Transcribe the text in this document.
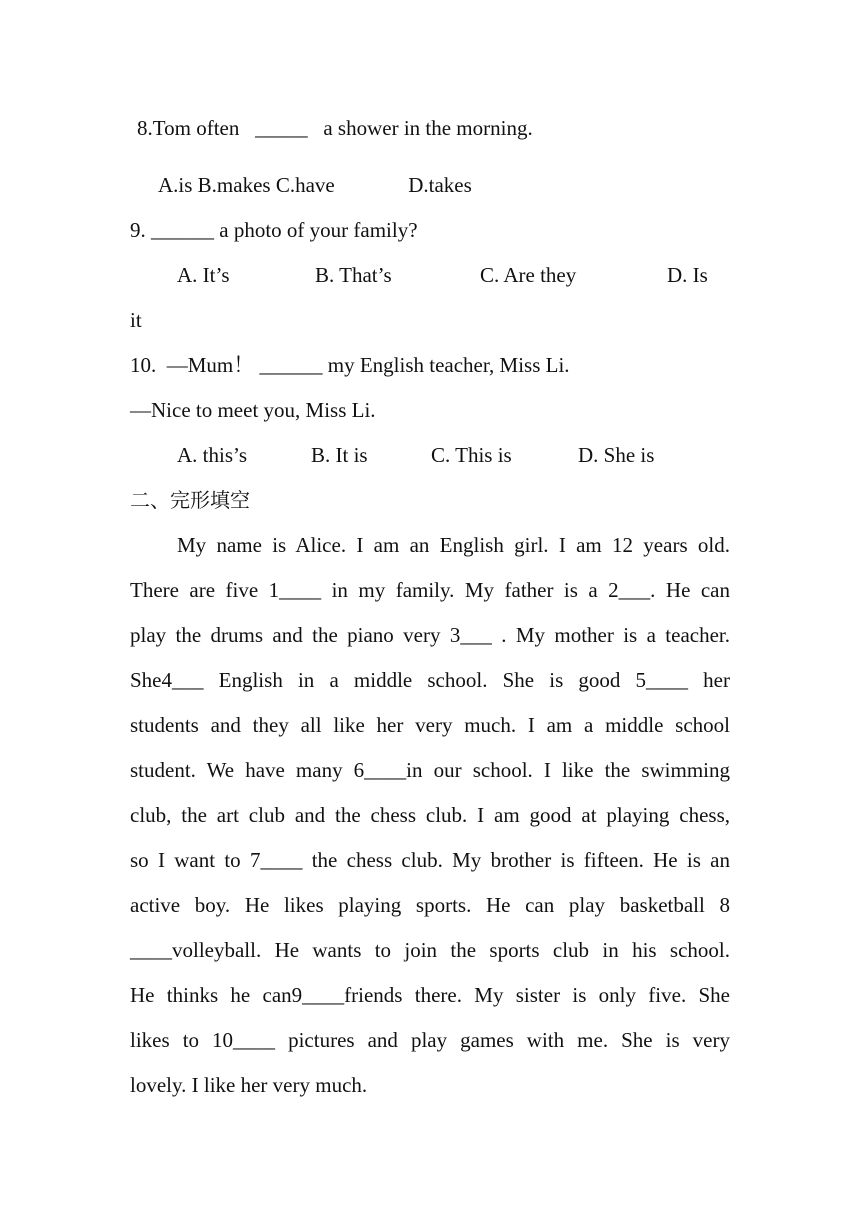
8.Tom often   _____   a shower in the morning.
A.is B.makes C.have              D.takes
9. ______ a photo of your family?
A. It’s	B. That’s	C. Are they	D. Is
it
10.  —Mum！ ______ my English teacher, Miss Li.
—Nice to meet you, Miss Li.
A. this’s	B. It is	C. This is	D. She is
二、完形填空
My name is Alice. I am an English girl. I am 12 years old.
There are five 1____ in my family. My father is a 2___. He can
play the drums and the piano very 3___ . My mother is a teacher.
She4___ English in a middle school. She is good 5____ her
students and they all like her very much. I am a middle school
student. We have many 6____in our school. I like the swimming
club, the art club and the chess club. I am good at playing chess,
so I want to 7____ the chess club. My brother is fifteen. He is an
active boy. He likes playing sports. He can play basketball 8
____volleyball. He wants to join the sports club in his school.
He thinks he can9____friends there. My sister is only five. She
likes to 10____ pictures and play games with me. She is very
lovely. I like her very much.
